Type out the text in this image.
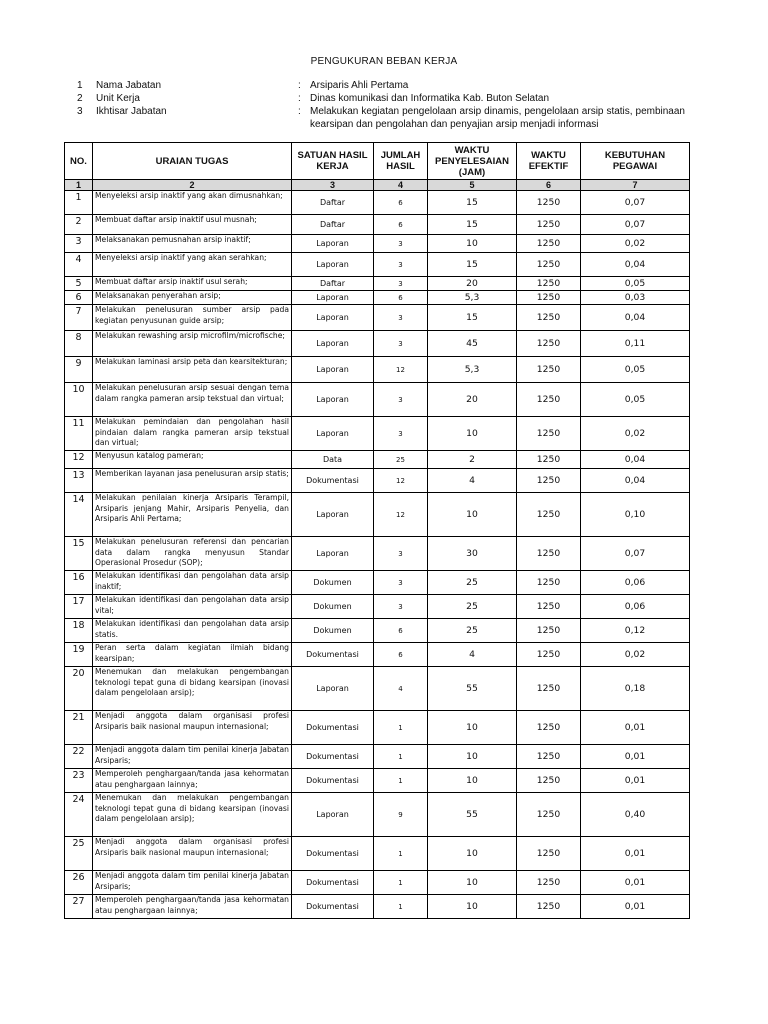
PENGUKURAN BEBAN KERJA
1	Nama Jabatan	: Arsiparis Ahli Pertama
2	Unit Kerja	: Dinas komunikasi dan Informatika Kab. Buton Selatan
3	Ikhtisar Jabatan	: Melakukan kegiatan pengelolaan arsip dinamis, pengelolaan arsip statis, pembinaan kearsipan dan pengolahan dan penyajian arsip menjadi informasi
NO.	URAIAN TUGAS	SATUAN HASIL KERJA	JUMLAH HASIL	WAKTU PENYELESAIAN (JAM)	WAKTU EFEKTIF	KEBUTUHAN PEGAWAI
1	2	3	4	5	6	7
1	Menyeleksi arsip inaktif yang akan dimusnahkan;	Daftar	6	15	1250	0,07
2	Membuat daftar arsip inaktif usul musnah;	Daftar	6	15	1250	0,07
3	Melaksanakan pemusnahan arsip inaktif;	Laporan	3	10	1250	0,02
4	Menyeleksi arsip inaktif yang akan serahkan;	Laporan	3	15	1250	0,04
5	Membuat daftar arsip inaktif usul serah;	Daftar	3	20	1250	0,05
6	Melaksanakan penyerahan arsip;	Laporan	6	5,3	1250	0,03
7	Melakukan penelusuran sumber arsip pada kegiatan penyusunan guide arsip;	Laporan	3	15	1250	0,04
8	Melakukan rewashing arsip microfilm/microfische;	Laporan	3	45	1250	0,11
9	Melakukan laminasi arsip peta dan kearsitekturan;	Laporan	12	5,3	1250	0,05
10	Melakukan penelusuran arsip sesuai dengan tema dalam rangka pameran arsip tekstual dan virtual;	Laporan	3	20	1250	0,05
11	Melakukan pemindaian dan pengolahan hasil pindaian dalam rangka pameran arsip tekstual dan virtual;	Laporan	3	10	1250	0,02
12	Menyusun katalog pameran;	Data	25	2	1250	0,04
13	Memberikan layanan jasa penelusuran arsip statis;	Dokumentasi	12	4	1250	0,04
14	Melakukan penilaian kinerja Arsiparis Terampil, Arsiparis jenjang Mahir, Arsiparis Penyelia, dan Arsiparis Ahli Pertama;	Laporan	12	10	1250	0,10
15	Melakukan penelusuran referensi dan pencarian data dalam rangka menyusun Standar Operasional Prosedur (SOP);	Laporan	3	30	1250	0,07
16	Melakukan identifikasi dan pengolahan data arsip inaktif;	Dokumen	3	25	1250	0,06
17	Melakukan identifikasi dan pengolahan data arsip vital;	Dokumen	3	25	1250	0,06
18	Melakukan identifikasi dan pengolahan data arsip statis.	Dokumen	6	25	1250	0,12
19	Peran serta dalam kegiatan ilmiah bidang kearsipan;	Dokumentasi	6	4	1250	0,02
20	Menemukan dan melakukan pengembangan teknologi tepat guna di bidang kearsipan (inovasi dalam pengelolaan arsip);	Laporan	4	55	1250	0,18
21	Menjadi anggota dalam organisasi profesi Arsiparis baik nasional maupun internasional;	Dokumentasi	1	10	1250	0,01
22	Menjadi anggota dalam tim penilai kinerja Jabatan Arsiparis;	Dokumentasi	1	10	1250	0,01
23	Memperoleh penghargaan/tanda jasa kehormatan atau penghargaan lainnya;	Dokumentasi	1	10	1250	0,01
24	Menemukan dan melakukan pengembangan teknologi tepat guna di bidang kearsipan (inovasi dalam pengelolaan arsip);	Laporan	9	55	1250	0,40
25	Menjadi anggota dalam organisasi profesi Arsiparis baik nasional maupun internasional;	Dokumentasi	1	10	1250	0,01
26	Menjadi anggota dalam tim penilai kinerja Jabatan Arsiparis;	Dokumentasi	1	10	1250	0,01
27	Memperoleh penghargaan/tanda jasa kehormatan atau penghargaan lainnya;	Dokumentasi	1	10	1250	0,01
